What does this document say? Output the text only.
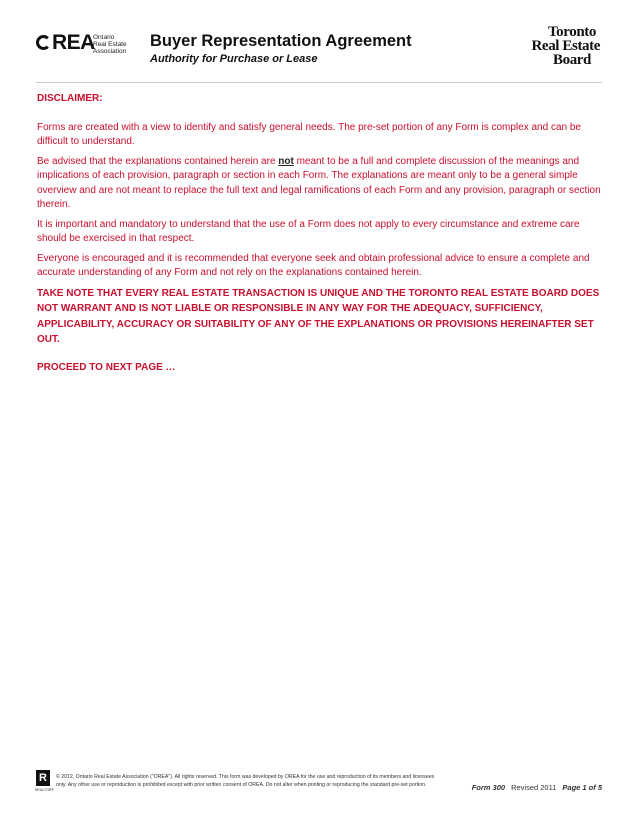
REA
Ontario
Real Estate
Association
Buyer Representation Agreement
Authority for Purchase or Lease
Toronto
Real Estate
Board

DISCLAIMER:

Forms are created with a view to identify and satisfy general needs. The pre-set portion of any Form is complex and can be difficult to understand.

Be advised that the explanations contained herein are not meant to be a full and complete discussion of the meanings and implications of each provision, paragraph or section in each Form. The explanations are meant only to be a general simple overview and are not meant to replace the full text and legal ramifications of each Form and any provision, paragraph or section therein.

It is important and mandatory to understand that the use of a Form does not apply to every circumstance and extreme care should be exercised in that respect.

Everyone is encouraged and it is recommended that everyone seek and obtain professional advice to ensure a complete and accurate understanding of any Form and not rely on the explanations contained herein.

TAKE NOTE THAT EVERY REAL ESTATE TRANSACTION IS UNIQUE AND THE TORONTO REAL ESTATE BOARD DOES NOT WARRANT AND IS NOT LIABLE OR RESPONSIBLE IN ANY WAY FOR THE ADEQUACY, SUFFICIENCY, APPLICABILITY, ACCURACY OR SUITABILITY OF ANY OF THE EXPLANATIONS OR PROVISIONS HEREINAFTER SET OUT.

PROCEED TO NEXT PAGE …

R
REALTOR®
© 2012, Ontario Real Estate Association ("OREA"). All rights reserved. This form was developed by OREA for the use and reproduction of its members and licensees
only. Any other use or reproduction is prohibited except with prior written consent of OREA. Do not alter when printing or reproducing the standard pre-set portion.	Form 300 Revised 2011 Page 1 of 5
